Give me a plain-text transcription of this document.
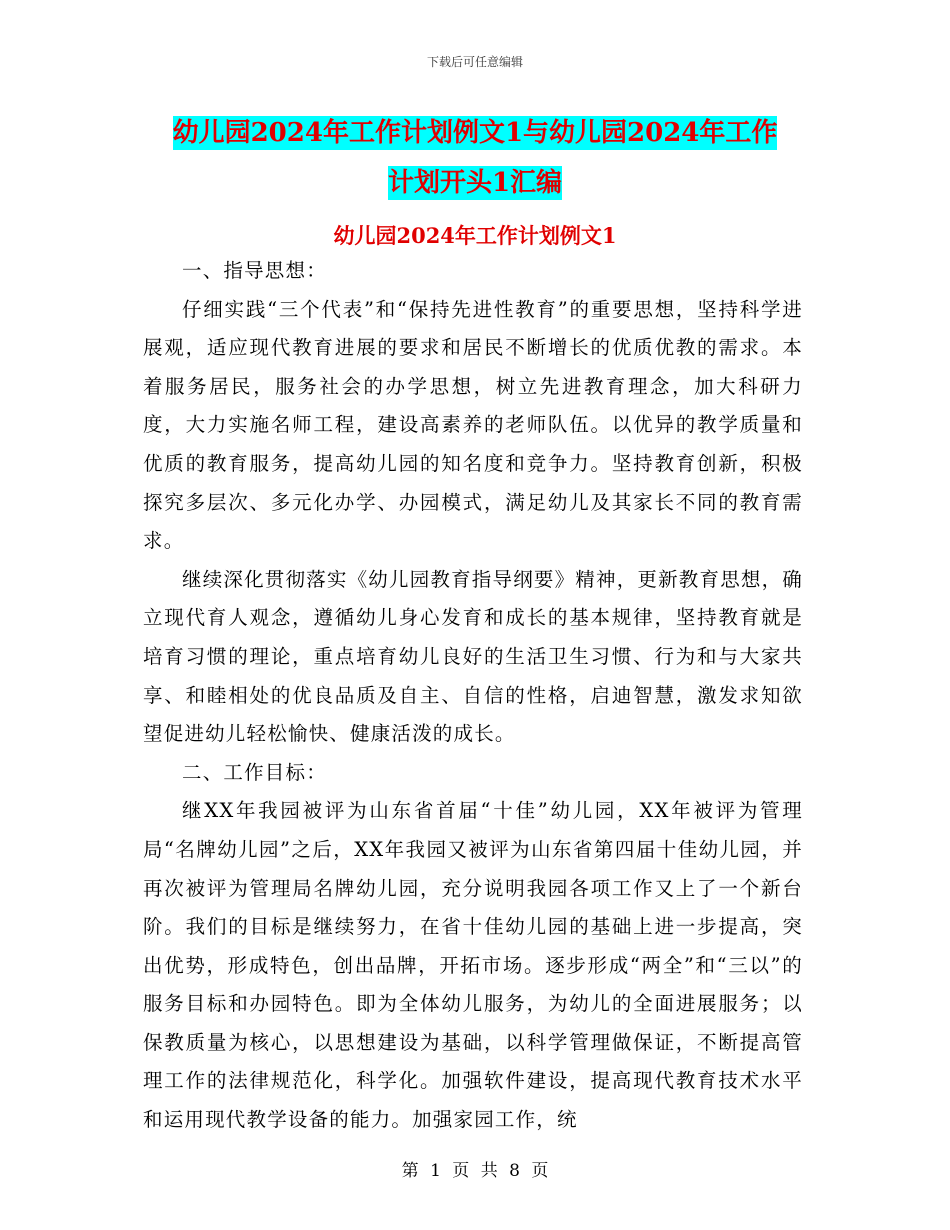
下载后可任意编辑
幼儿园2024年工作计划例文1与幼儿园2024年工作
计划开头1汇编
幼儿园2024年工作计划例文1

一、指导思想：

仔细实践“三个代表”和“保持先进性教育”的重要思想，坚持科学进展观，适应现代教育进展的要求和居民不断增长的优质优教的需求。本着服务居民，服务社会的办学思想，树立先进教育理念，加大科研力度，大力实施名师工程，建设高素养的老师队伍。以优异的教学质量和优质的教育服务，提高幼儿园的知名度和竞争力。坚持教育创新，积极探究多层次、多元化办学、办园模式，满足幼儿及其家长不同的教育需求。

继续深化贯彻落实《幼儿园教育指导纲要》精神，更新教育思想，确立现代育人观念，遵循幼儿身心发育和成长的基本规律，坚持教育就是培育习惯的理论，重点培育幼儿良好的生活卫生习惯、行为和与大家共享、和睦相处的优良品质及自主、自信的性格，启迪智慧，激发求知欲望促进幼儿轻松愉快、健康活泼的成长。

二、工作目标：

继XX年我园被评为山东省首届“十佳”幼儿园，XX年被评为管理局“名牌幼儿园”之后，XX年我园又被评为山东省第四届十佳幼儿园，并再次被评为管理局名牌幼儿园，充分说明我园各项工作又上了一个新台阶。我们的目标是继续努力，在省十佳幼儿园的基础上进一步提高，突出优势，形成特色，创出品牌，开拓市场。逐步形成“两全”和“三以”的服务目标和办园特色。即为全体幼儿服务，为幼儿的全面进展服务；以保教质量为核心，以思想建设为基础，以科学管理做保证，不断提高管理工作的法律规范化，科学化。加强软件建设，提高现代教育技术水平和运用现代教学设备的能力。加强家园工作，统

第 1 页 共 8 页
